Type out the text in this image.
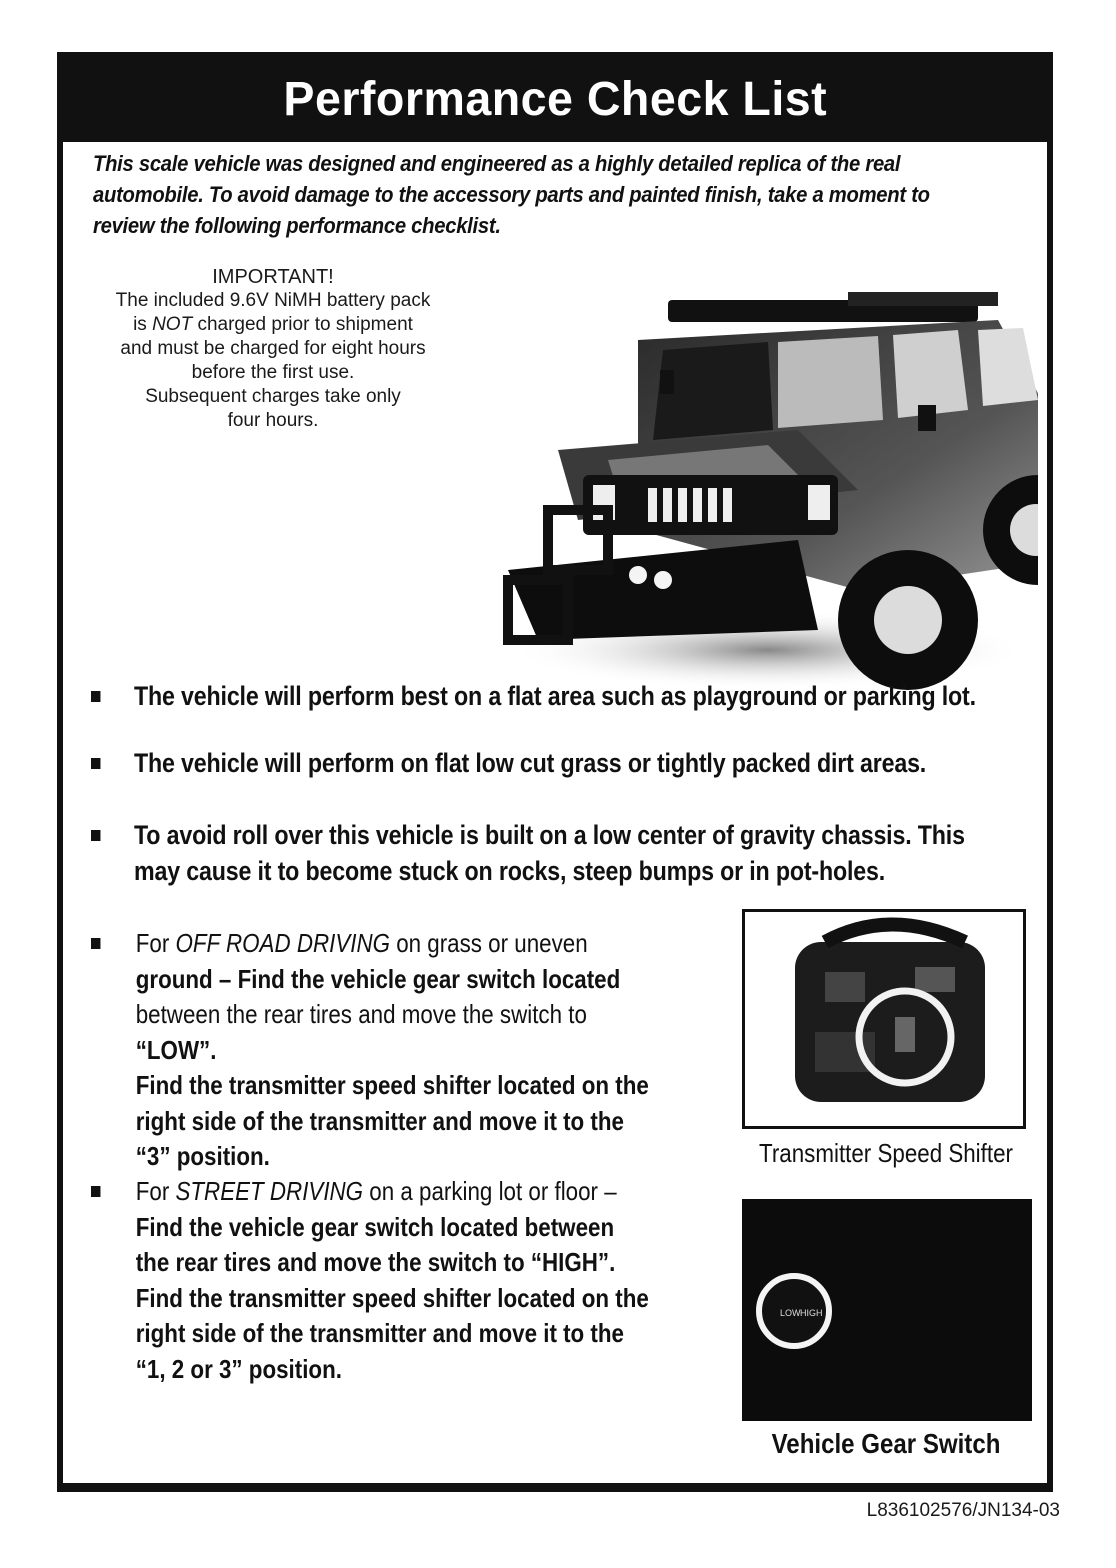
Performance Check List
This scale vehicle was designed and engineered as a highly detailed replica of the real automobile. To avoid damage to the accessory parts and painted finish, take a moment to review the following performance checklist.
IMPORTANT!
The included 9.6V NiMH battery pack
is NOT charged prior to shipment
and must be charged for eight hours
before the first use.
Subsequent charges take only
four hours.
The vehicle will perform best on a flat area such as playground or parking lot.
The vehicle will perform on flat low cut grass or tightly packed dirt areas.
To avoid roll over this vehicle is built on a low center of gravity chassis. This
may cause it to become stuck on rocks, steep bumps or in pot-holes.
For OFF ROAD DRIVING on grass or uneven
ground – Find the vehicle gear switch located
between the rear tires and move the switch to
“LOW”.
Find the transmitter speed shifter located on the
right side of the transmitter and move it to the
“3” position.
For STREET DRIVING on a parking lot or floor –
Find the vehicle gear switch located between
the rear tires and move the switch to “HIGH”.
Find the transmitter speed shifter located on the
right side of the transmitter and move it to the
“1, 2 or 3” position.
Transmitter Speed Shifter
LOW HIGH
Vehicle Gear Switch
L836102576/JN134-03
